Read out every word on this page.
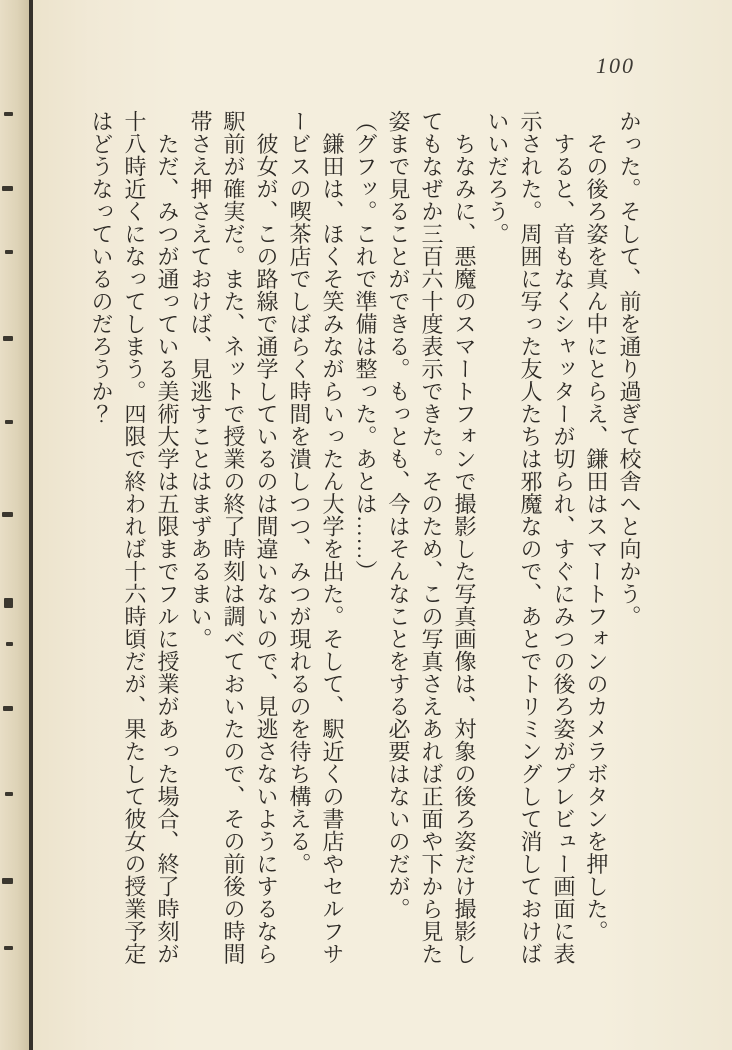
100

かった。そして、前を通り過ぎて校舎へと向かう。

　その後ろ姿を真ん中にとらえ、鎌田はスマートフォンのカメラボタンを押した。

　すると、音もなくシャッターが切られ、すぐにみつの後ろ姿がプレビュー画面に表示された。周囲に写った友人たちは邪魔なので、あとでトリミングして消しておけばいいだろう。

　ちなみに、悪魔のスマートフォンで撮影した写真画像は、対象の後ろ姿だけ撮影してもなぜか三百六十度表示できた。そのため、この写真さえあれば正面や下から見た姿まで見ることができる。もっとも、今はそんなことをする必要はないのだが。

（グフッ。これで準備は整った。あとは……）

　鎌田は、ほくそ笑みながらいったん大学を出た。そして、駅近くの書店やセルフサービスの喫茶店でしばらく時間を潰しつつ、みつが現れるのを待ち構える。

　彼女が、この路線で通学しているのは間違いないので、見逃さないようにするなら駅前が確実だ。また、ネットで授業の終了時刻は調べておいたので、その前後の時間帯さえ押さえておけば、見逃すことはまずあるまい。

　ただ、みつが通っている美術大学は五限までフルに授業があった場合、終了時刻が十八時近くになってしまう。四限で終われば十六時頃だが、果たして彼女の授業予定はどうなっているのだろうか？
